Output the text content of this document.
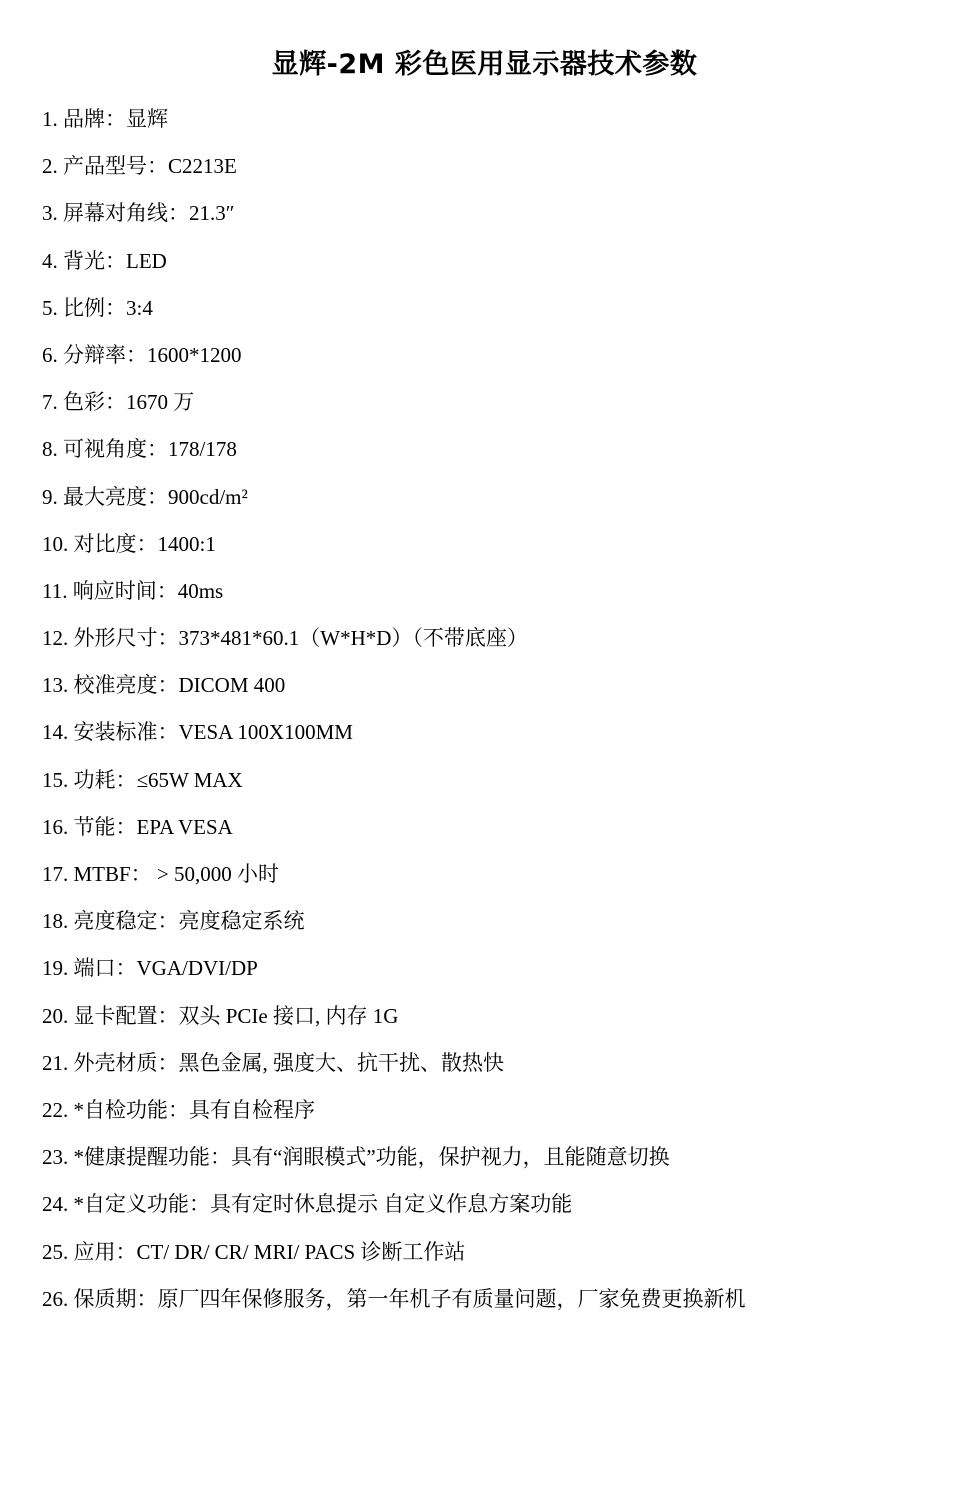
显辉-2M 彩色医用显示器技术参数
1. 品牌：显辉
2. 产品型号：C2213E
3. 屏幕对角线：21.3″
4. 背光：LED
5. 比例：3:4
6. 分辩率：1600*1200
7. 色彩：1670 万
8. 可视角度：178/178
9. 最大亮度：900cd/m²
10. 对比度：1400:1
11. 响应时间：40ms
12. 外形尺寸：373*481*60.1（W*H*D）（不带底座）
13. 校准亮度：DICOM 400
14. 安装标准：VESA 100X100MM
15. 功耗：≤65W MAX
16. 节能：EPA VESA
17. MTBF： > 50,000 小时
18. 亮度稳定：亮度稳定系统
19. 端口：VGA/DVI/DP
20. 显卡配置：双头 PCIe 接口, 内存 1G
21. 外壳材质：黑色金属, 强度大、抗干扰、散热快
22. *自检功能：具有自检程序
23. *健康提醒功能：具有“润眼模式”功能，保护视力，且能随意切换
24. *自定义功能：具有定时休息提示 自定义作息方案功能
25. 应用：CT/ DR/ CR/ MRI/ PACS 诊断工作站
26. 保质期：原厂四年保修服务，第一年机子有质量问题，厂家免费更换新机
